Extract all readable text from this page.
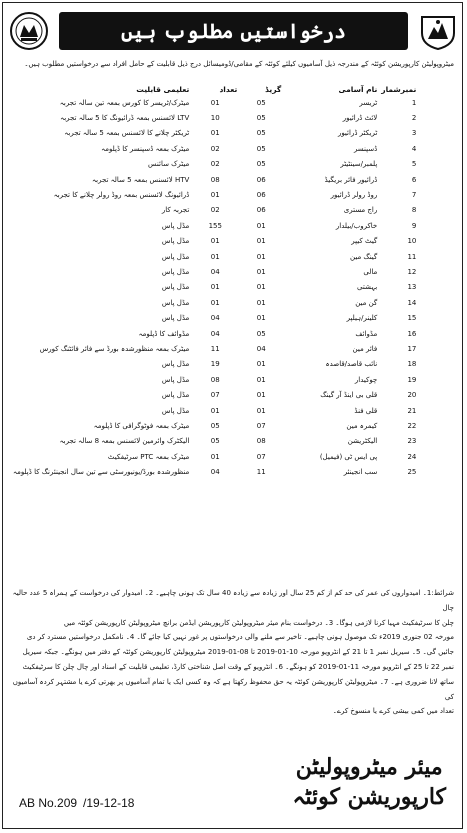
درخواستیں مطلوب ہیں
میٹروپولیٹن کارپوریشن کوئٹہ کے مندرجہ ذیل آسامیوں کیلئے کوئٹہ کے مقامی/ڈومیسائل درج ذیل قابلیت کے حامل افراد سے درخواستیں مطلوب ہیں۔
نمبرشمار	نام آسامی	گریڈ	تعداد	تعلیمی قابلیت
1	ٹریسر	05	01	میٹرک/ٹریسر کا کورس بمعہ تین سالہ تجربہ
2	لائٹ ڈرائیور	05	10	LTV لائسنس بمعہ ڈرائیونگ کا 5 سالہ تجربہ
3	ٹریکٹر ڈرائیور	05	01	ٹریکٹر چلانے کا لائسنس بمعہ 5 سالہ تجربہ
4	ڈسپنسر	05	02	میٹرک بمعہ ڈسپنسر کا ڈپلومہ
5	پلمبر/سینٹیٹر	05	02	میٹرک سائنس
6	ڈرائیور فائر بریگیڈ	06	08	HTV لائسنس بمعہ 5 سالہ تجربہ
7	روڈ رولر ڈرائیور	06	01	ڈرائیونگ لائسنس بمعہ روڈ رولر چلانے کا تجربہ
8	راج مستری	06	02	تجربہ کار
9	خاکروب/بیلدار	01	155	مڈل پاس
10	گیٹ کیپر	01	01	مڈل پاس
11	گینگ مین	01	01	مڈل پاس
12	مالی	01	04	مڈل پاس
13	بہشتی	01	01	مڈل پاس
14	گن مین	01	01	مڈل پاس
15	کلینر/ہیلپر	01	04	مڈل پاس
16	مڈوائف	05	04	مڈوائف کا ڈپلومہ
17	فائر مین	04	11	میٹرک بمعہ منظورشدہ بورڈ سے فائر فائٹنگ کورس
18	نائب قاصد/قاصدہ	01	19	مڈل پاس
19	چوکیدار	01	08	مڈل پاس
20	قلی بی اینڈ آر گینگ	01	07	مڈل پاس
21	قلی فنڈ	01	01	مڈل پاس
22	کیمرہ مین	07	05	میٹرک بمعہ فوٹوگرافی کا ڈپلومہ
23	الیکٹریشن	08	05	الیکٹرک وائرمین لائسنس بمعہ 8 سالہ تجربہ
24	پی ایس ٹی (فیمیل)	07	01	میٹرک بمعہ PTC سرٹیفکیٹ
25	سب انجینئر	11	04	منظورشدہ بورڈ/یونیورسٹی سے تین سال انجینئرنگ کا ڈپلومہ

شرائط:1۔ امیدواروں کی عمر کی حد کم از کم 25 سال اور زیادہ سے زیادہ 40 سال تک ہونی چاہیے۔ 2۔ امیدوار کی درخواست کے ہمراہ 5 عدد حالیہ چال

چلن کا سرٹیفکیٹ مہیا کرنا لازمی ہوگا۔ 3۔ درخواست بنام میئر میٹروپولیٹن کارپوریشن ایڈمن برانچ میٹروپولیٹن کارپوریشن کوئٹہ میں

مورخہ 02 جنوری 2019ء تک موصول ہونی چاہیے۔ تاخیر سے ملنے والی درخواستوں پر غور نہیں کیا جائے گا۔ 4۔ نامکمل درخواستیں مسترد کر دی

جائیں گی۔ 5۔ سیریل نمبر 1 تا 21 کے انٹرویو مورخہ 10-01-2019 تا 08-01-2019 میٹروپولیٹن کارپوریشن کوئٹہ کے دفتر میں ہونگے۔ جبکہ سیریل

نمبر 22 تا 25 کے انٹرویو مورخہ 11-01-2019 کو ہونگے۔ 6۔ انٹرویو کے وقت اصل شناختی کارڈ، تعلیمی قابلیت کے اسناد اور چال چلن کا سرٹیفکیٹ

ساتھ لانا ضروری ہے۔ 7۔ میٹروپولیٹن کارپوریشن کوئٹہ یہ حق محفوظ رکھتا ہے کہ وہ کسی ایک یا تمام آسامیوں پر بھرتی کرے یا مشتہر کردہ آسامیوں کی

تعداد میں کمی بیشی کرے یا منسوخ کرے۔

میئر میٹروپولیٹن
کارپوریشن کوئٹہ
AB No.209 /19-12-18
